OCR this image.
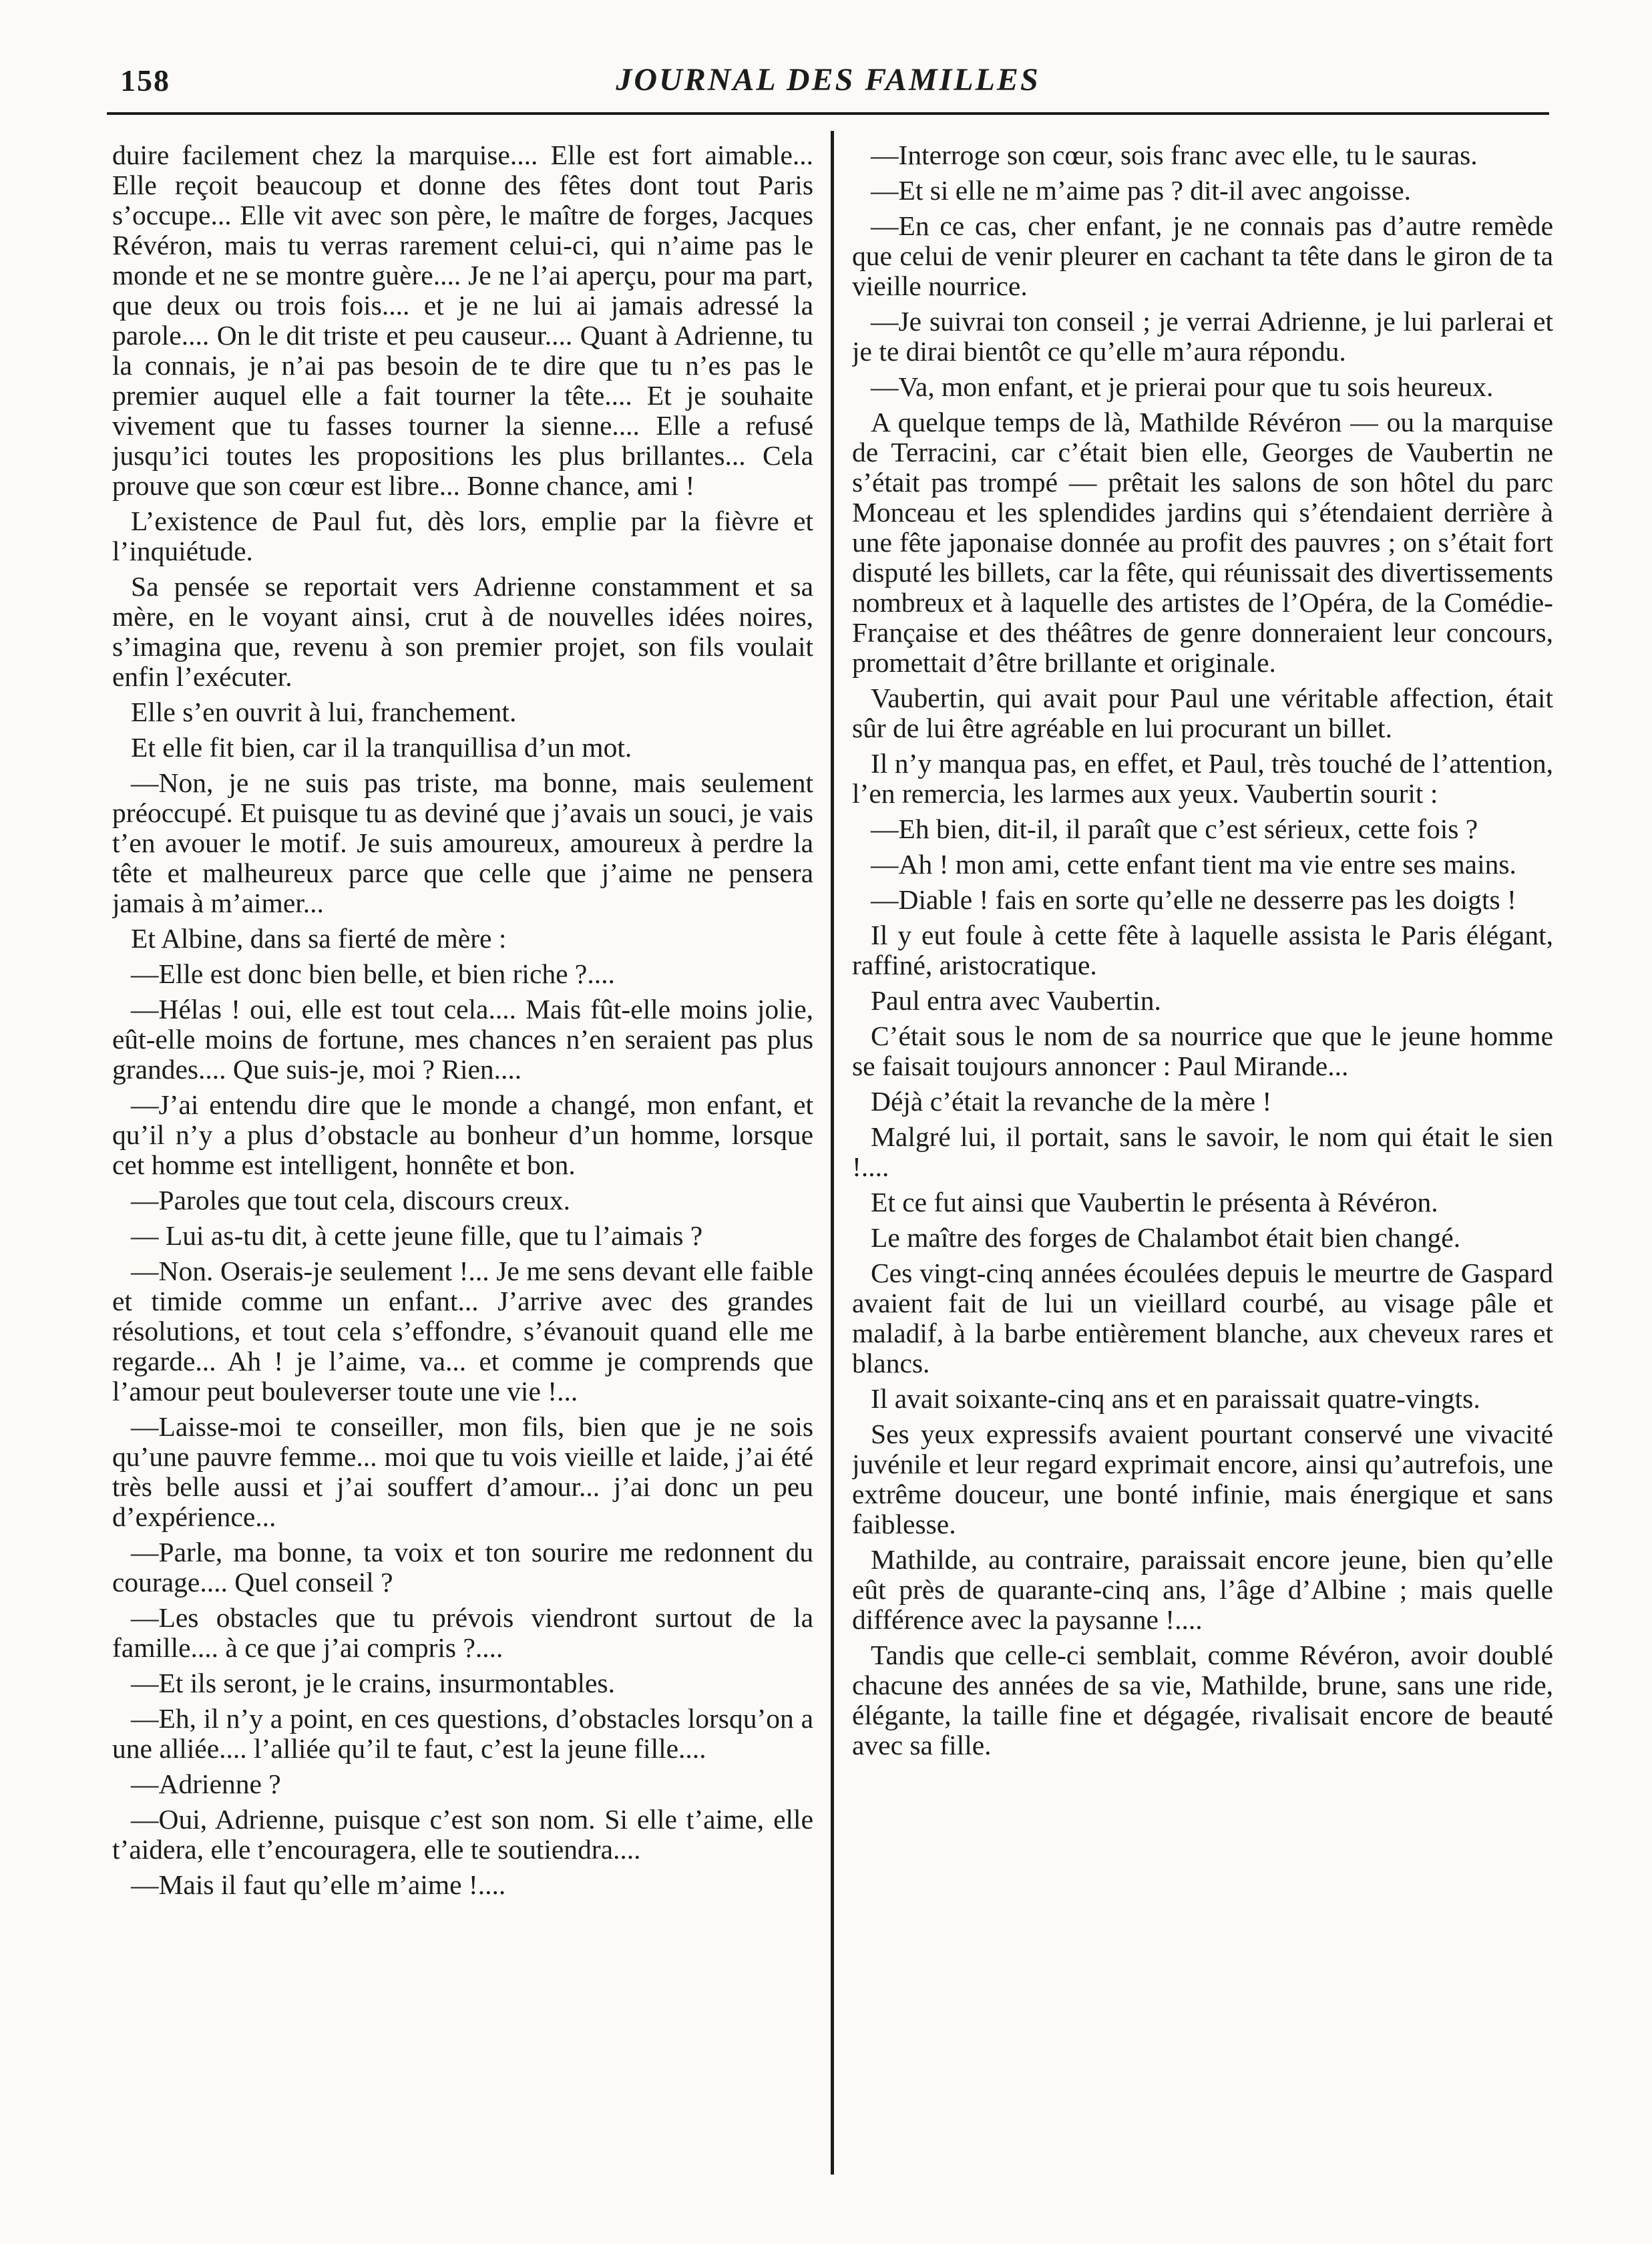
158	JOURNAL DES FAMILLES

duire facilement chez la marquise.... Elle est fort aimable... Elle reçoit beaucoup et donne des fêtes dont tout Paris s’occupe... Elle vit avec son père, le maître de forges, Jacques Révéron, mais tu verras rarement celui-ci, qui n’aime pas le monde et ne se montre guère.... Je ne l’ai aperçu, pour ma part, que deux ou trois fois.... et je ne lui ai jamais adressé la parole.... On le dit triste et peu causeur.... Quant à Adrienne, tu la connais, je n’ai pas besoin de te dire que tu n’es pas le premier auquel elle a fait tourner la tête.... Et je souhaite vivement que tu fasses tourner la sienne.... Elle a refusé jusqu’ici toutes les propositions les plus brillantes... Cela prouve que son cœur est libre... Bonne chance, ami !

L’existence de Paul fut, dès lors, emplie par la fièvre et l’inquiétude.

Sa pensée se reportait vers Adrienne constamment et sa mère, en le voyant ainsi, crut à de nouvelles idées noires, s’imagina que, revenu à son premier projet, son fils voulait enfin l’exécuter.

Elle s’en ouvrit à lui, franchement.

Et elle fit bien, car il la tranquillisa d’un mot.

—Non, je ne suis pas triste, ma bonne, mais seulement préoccupé. Et puisque tu as deviné que j’avais un souci, je vais t’en avouer le motif. Je suis amoureux, amoureux à perdre la tête et malheureux parce que celle que j’aime ne pensera jamais à m’aimer...

Et Albine, dans sa fierté de mère :

—Elle est donc bien belle, et bien riche ?....

—Hélas ! oui, elle est tout cela.... Mais fût-elle moins jolie, eût-elle moins de fortune, mes chances n’en seraient pas plus grandes.... Que suis-je, moi ? Rien....

—J’ai entendu dire que le monde a changé, mon enfant, et qu’il n’y a plus d’obstacle au bonheur d’un homme, lorsque cet homme est intelligent, honnête et bon.

—Paroles que tout cela, discours creux.

— Lui as-tu dit, à cette jeune fille, que tu l’aimais ?

—Non. Oserais-je seulement !... Je me sens devant elle faible et timide comme un enfant... J’arrive avec des grandes résolutions, et tout cela s’effondre, s’évanouit quand elle me regarde... Ah ! je l’aime, va... et comme je comprends que l’amour peut bouleverser toute une vie !...

—Laisse-moi te conseiller, mon fils, bien que je ne sois qu’une pauvre femme... moi que tu vois vieille et laide, j’ai été très belle aussi et j’ai souffert d’amour... j’ai donc un peu d’expérience...

—Parle, ma bonne, ta voix et ton sourire me redonnent du courage.... Quel conseil ?

—Les obstacles que tu prévois viendront surtout de la famille.... à ce que j’ai compris ?....

—Et ils seront, je le crains, insurmontables.

—Eh, il n’y a point, en ces questions, d’obstacles lorsqu’on a une alliée.... l’alliée qu’il te faut, c’est la jeune fille....

—Adrienne ?

—Oui, Adrienne, puisque c’est son nom. Si elle t’aime, elle t’aidera, elle t’encouragera, elle te soutiendra....

—Mais il faut qu’elle m’aime !....

—Interroge son cœur, sois franc avec elle, tu le sauras.

—Et si elle ne m’aime pas ? dit-il avec angoisse.

—En ce cas, cher enfant, je ne connais pas d’autre remède que celui de venir pleurer en cachant ta tête dans le giron de ta vieille nourrice.

—Je suivrai ton conseil ; je verrai Adrienne, je lui parlerai et je te dirai bientôt ce qu’elle m’aura répondu.

—Va, mon enfant, et je prierai pour que tu sois heureux.

A quelque temps de là, Mathilde Révéron — ou la marquise de Terracini, car c’était bien elle, Georges de Vaubertin ne s’était pas trompé — prêtait les salons de son hôtel du parc Monceau et les splendides jardins qui s’étendaient derrière à une fête japonaise donnée au profit des pauvres ; on s’était fort disputé les billets, car la fête, qui réunissait des divertissements nombreux et à laquelle des artistes de l’Opéra, de la Comédie-Française et des théâtres de genre donneraient leur concours, promettait d’être brillante et originale.

Vaubertin, qui avait pour Paul une véritable affection, était sûr de lui être agréable en lui procurant un billet.

Il n’y manqua pas, en effet, et Paul, très touché de l’attention, l’en remercia, les larmes aux yeux. Vaubertin sourit :

—Eh bien, dit-il, il paraît que c’est sérieux, cette fois ?

—Ah ! mon ami, cette enfant tient ma vie entre ses mains.

—Diable ! fais en sorte qu’elle ne desserre pas les doigts !

Il y eut foule à cette fête à laquelle assista le Paris élégant, raffiné, aristocratique.

Paul entra avec Vaubertin.

C’était sous le nom de sa nourrice que que le jeune homme se faisait toujours annoncer : Paul Mirande...

Déjà c’était la revanche de la mère !

Malgré lui, il portait, sans le savoir, le nom qui était le sien !....

Et ce fut ainsi que Vaubertin le présenta à Révéron.

Le maître des forges de Chalambot était bien changé.

Ces vingt-cinq années écoulées depuis le meurtre de Gaspard avaient fait de lui un vieillard courbé, au visage pâle et maladif, à la barbe entièrement blanche, aux cheveux rares et blancs.

Il avait soixante-cinq ans et en paraissait quatre-vingts.

Ses yeux expressifs avaient pourtant conservé une vivacité juvénile et leur regard exprimait encore, ainsi qu’autrefois, une extrême douceur, une bonté infinie, mais énergique et sans faiblesse.

Mathilde, au contraire, paraissait encore jeune, bien qu’elle eût près de quarante-cinq ans, l’âge d’Albine ; mais quelle différence avec la paysanne !....

Tandis que celle-ci semblait, comme Révéron, avoir doublé chacune des années de sa vie, Mathilde, brune, sans une ride, élégante, la taille fine et dégagée, rivalisait encore de beauté avec sa fille.
